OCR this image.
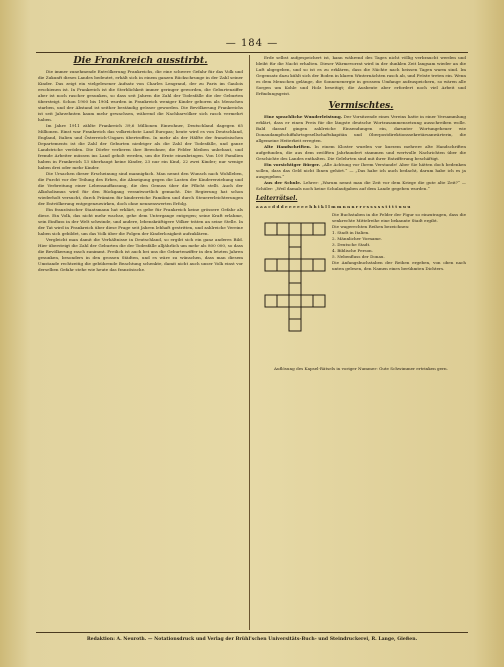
— 184 —
Die Frankreich ausstirbt.

Die immer zunehmende Entvölkerung Frankreichs, die eine schwere Gefahr für das Volk und die Zukunft dieses Landes bedeutet, erhält sich in einem ganzen Rückschrunge in der Zahl seiner Kinder. Das zeigt ein vielgelesener Aufsatz von Charles Lengrand, der zu Paris im Gaulois erschienen ist. In Frankreich ist die Sterblichkeit immer geringer geworden, die Geburtenziffer aber ist noch rascher gesunken, so dass seit Jahren die Zahl der Todesfälle die der Geburten übersteigt. Schon 1900 bis 1904 wurden in Frankreich weniger Kinder geboren als Menschen starben, und der Abstand ist seither beständig grösser geworden. Die Bevölkerung Frankreichs ist seit Jahrzehnten kaum mehr gewachsen, während die Nachbarvölker sich rasch vermehrt haben.

Im Jahre 1911 zählte Frankreich 39,6 Millionen Einwohner, Deutschland dagegen 65 Millionen. Einst war Frankreich das volkreichste Land Europas; heute wird es von Deutschland, England, Italien und Österreich-Ungarn übertroffen. In mehr als der Hälfte der französischen Departements ist die Zahl der Geburten niedriger als die Zahl der Todesfälle, und ganze Landstriche veröden. Die Dörfer verlieren ihre Bewohner, die Felder bleiben unbebaut, und fremde Arbeiter müssen ins Land geholt werden, um die Ernte einzubringen. Von 100 Familien haben in Frankreich 13 überhaupt keine Kinder, 23 nur ein Kind, 22 zwei Kinder; nur wenige haben drei oder mehr Kinder.

Die Ursachen dieser Erscheinung sind mannigfach. Man nennt den Wunsch nach Wohlleben, die Furcht vor der Teilung des Erbes, die Abneigung gegen die Lasten der Kindererziehung und die Verbreitung einer Lebensauffassung, die den Genuss über die Pflicht stellt. Auch der Alkoholismus wird für den Rückgang verantwortlich gemacht. Die Regierung hat schon wiederholt versucht, durch Prämien für kinderreiche Familien und durch Steuererleichterungen der Entvölkerung entgegenzuwirken, doch ohne nennenswerten Erfolg.

Ein französischer Staatsmann hat erklärt, es gebe für Frankreich keine grössere Gefahr als diese. Ein Volk, das nicht mehr wachse, gehe dem Untergange entgegen; seine Kraft erlahme, sein Einfluss in der Welt schwinde, und andere, lebenskräftigere Völker träten an seine Stelle. In der Tat wird in Frankreich über diese Frage seit Jahren lebhaft gestritten, und zahlreiche Vereine haben sich gebildet, um das Volk über die Folgen der Kinderlosigkeit aufzuklären.

Vergleicht man damit die Verhältnisse in Deutschland, so ergibt sich ein ganz anderes Bild. Hier übersteigt die Zahl der Geburten die der Todesfälle alljährlich um mehr als 800 000, so dass die Bevölkerung rasch zunimmt. Freilich ist auch bei uns die Geburtenziffer in den letzten Jahren gesunken, besonders in den grossen Städten, und es wäre zu wünschen, dass man diesem Umstande rechtzeitig die gebührende Beachtung schenkte, damit nicht auch unser Volk einst vor derselben Gefahr stehe wie heute das französische.

Erde selbst aufgespeichert ist, kann während des Tages nicht völlig verbraucht werden und bleibt für die Nacht erhalten. Dieser Wärmevorrat wird in der dunklen Zeit langsam wieder an die Luft abgegeben, und so ist es zu erklären, dass die Nächte nach heissen Tagen warm sind. Im Gegensatz dazu kühlt sich der Boden in klaren Winternächten rasch ab, und Fröste treten ein. Wenn es dem Menschen gelänge, die Sonnenenergie in grossem Umfange aufzuspeichern, so wären alle Sorgen um Kohle und Holz beseitigt; die Ausbeute aber erfordert noch viel Arbeit und Erfindungsgeist.

Vermischtes.

Eine sprachliche Wunderleistung. Der Vorsitzende eines Vereins hatte in einer Versammlung erklärt, dass er einen Preis für die längste deutsche Wortzusammensetzung ausschreiben wolle. Bald darauf gingen zahlreiche Einsendungen ein, darunter Wortungeheuer wie Donaudampfschiffahrtsgesellschaftskapitän und Oberpostdirektionssekretärsanwärterin, die allgemeine Heiterkeit erregten.

Alte Handschriften. In einem Kloster wurden vor kurzem mehrere alte Handschriften aufgefunden, die aus dem zwölften Jahrhundert stammen und wertvolle Nachrichten über die Geschichte des Landes enthalten. Die Gelehrten sind mit ihrer Entzifferung beschäftigt.

Ein vorsichtiger Bürger. „Alle Achtung vor Ihrem Verstande! Aber Sie hätten doch bedenken sollen, dass das Geld nicht Ihnen gehört.“ — „Das habe ich auch bedacht, darum habe ich es ja ausgegeben.“

Aus der Schule. Lehrer: „Warum nennt man die Zeit vor dem Kriege die gute alte Zeit?“ — Schüler: „Weil damals noch keine Schulaufgaben auf dem Lande gegeben wurden.“

Leiterrätsel.

a a a c d d d e e e e e e h h i k l l m m n n n r r r s s s s s t t t t u u u

Die Buchstaben in die Felder der Figur so einzutragen, dass die senkrechte Mittelreihe eine bekannte Stadt ergibt.

Die wagerechten Reihen bezeichnen:

1. Stadt in Italien.

2. Männlicher Vorname.

3. Deutsche Stadt.

4. Biblische Person.

5. Nebenfluss der Donau.

Die Anfangsbuchstaben der Reihen ergeben, von oben nach unten gelesen, den Namen eines berühmten Dichters.

Auflösung des Kapsel-Rätsels in voriger Nummer: Gute Schwimmer ertrinken gern.

Redaktion: A. Neuroth. — Notationsdruck und Verlag der Brühl'schen Universitäts-Buch- und Steindruckerei, R. Lange, Gießen.
